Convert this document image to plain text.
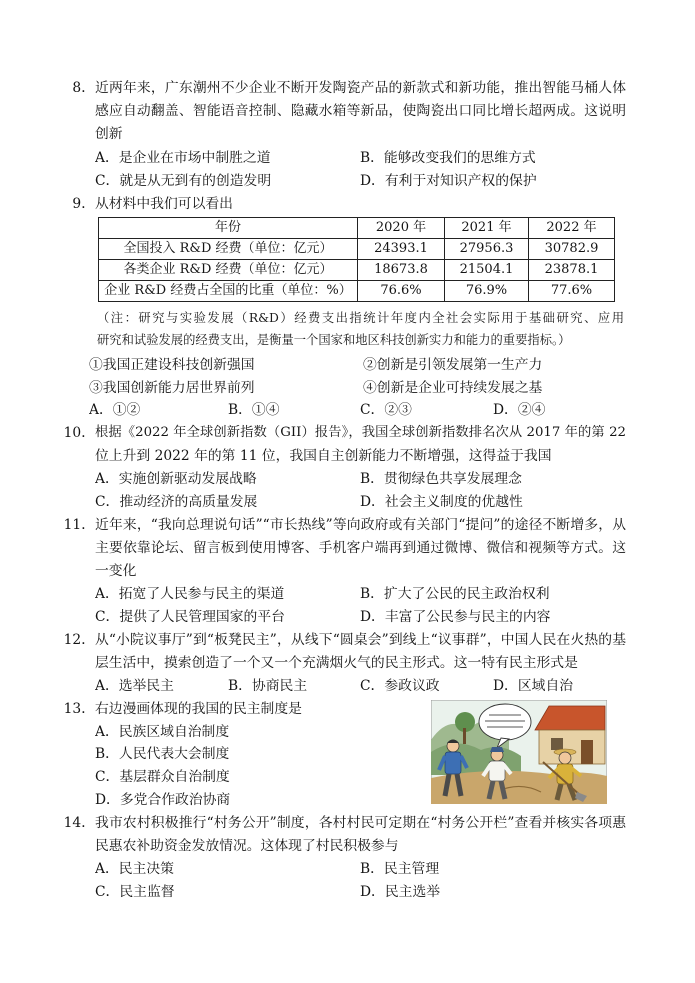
8． 近两年来，广东潮州不少企业不断开发陶瓷产品的新款式和新功能，推出智能马桶人体
感应自动翻盖、智能语音控制、隐藏水箱等新品，使陶瓷出口同比增长超两成。这说明
创新
A．是企业在市场中制胜之道	B．能够改变我们的思维方式
C．就是从无到有的创造发明	D．有利于对知识产权的保护
9． 从材料中我们可以看出
年份	2020 年	2021 年	2022 年
全国投入 R&D 经费（单位：亿元）	24393.1	27956.3	30782.9
各类企业 R&D 经费（单位：亿元）	18673.8	21504.1	23878.1
企业 R&D 经费占全国的比重（单位：%）	76.6%	76.9%	77.6%
（注：研究与实验发展（R&D）经费支出指统计年度内全社会实际用于基础研究、应用
研究和试验发展的经费支出，是衡量一个国家和地区科技创新实力和能力的重要指标。）
①我国正建设科技创新强国	②创新是引领发展第一生产力
③我国创新能力居世界前列	④创新是企业可持续发展之基
A．①②	B．①④	C．②③	D．②④
10． 根据《2022 年全球创新指数（GII）报告》，我国全球创新指数排名次从 2017 年的第 22
位上升到 2022 年的第 11 位，我国自主创新能力不断增强，这得益于我国
A．实施创新驱动发展战略	B．贯彻绿色共享发展理念
C．推动经济的高质量发展	D．社会主义制度的优越性
11． 近年来，“我向总理说句话”“市长热线”等向政府或有关部门“提问”的途径不断增多，从
主要依靠论坛、留言板到使用博客、手机客户端再到通过微博、微信和视频等方式。这
一变化
A．拓宽了人民参与民主的渠道	B．扩大了公民的民主政治权利
C．提供了人民管理国家的平台	D．丰富了公民参与民主的内容
12． 从“小院议事厅”到“板凳民主”，从线下“圆桌会”到线上“议事群”，中国人民在火热的基
层生活中，摸索创造了一个又一个充满烟火气的民主形式。这一特有民主形式是
A．选举民主	B．协商民主	C．参政议政	D．区域自治
13． 右边漫画体现的我国的民主制度是
A．民族区域自治制度
B．人民代表大会制度
C．基层群众自治制度
D．多党合作政治协商
14． 我市农村积极推行“村务公开”制度，各村村民可定期在“村务公开栏”查看并核实各项惠
民惠农补助资金发放情况。这体现了村民积极参与
A．民主决策	B．民主管理
C．民主监督	D．民主选举
